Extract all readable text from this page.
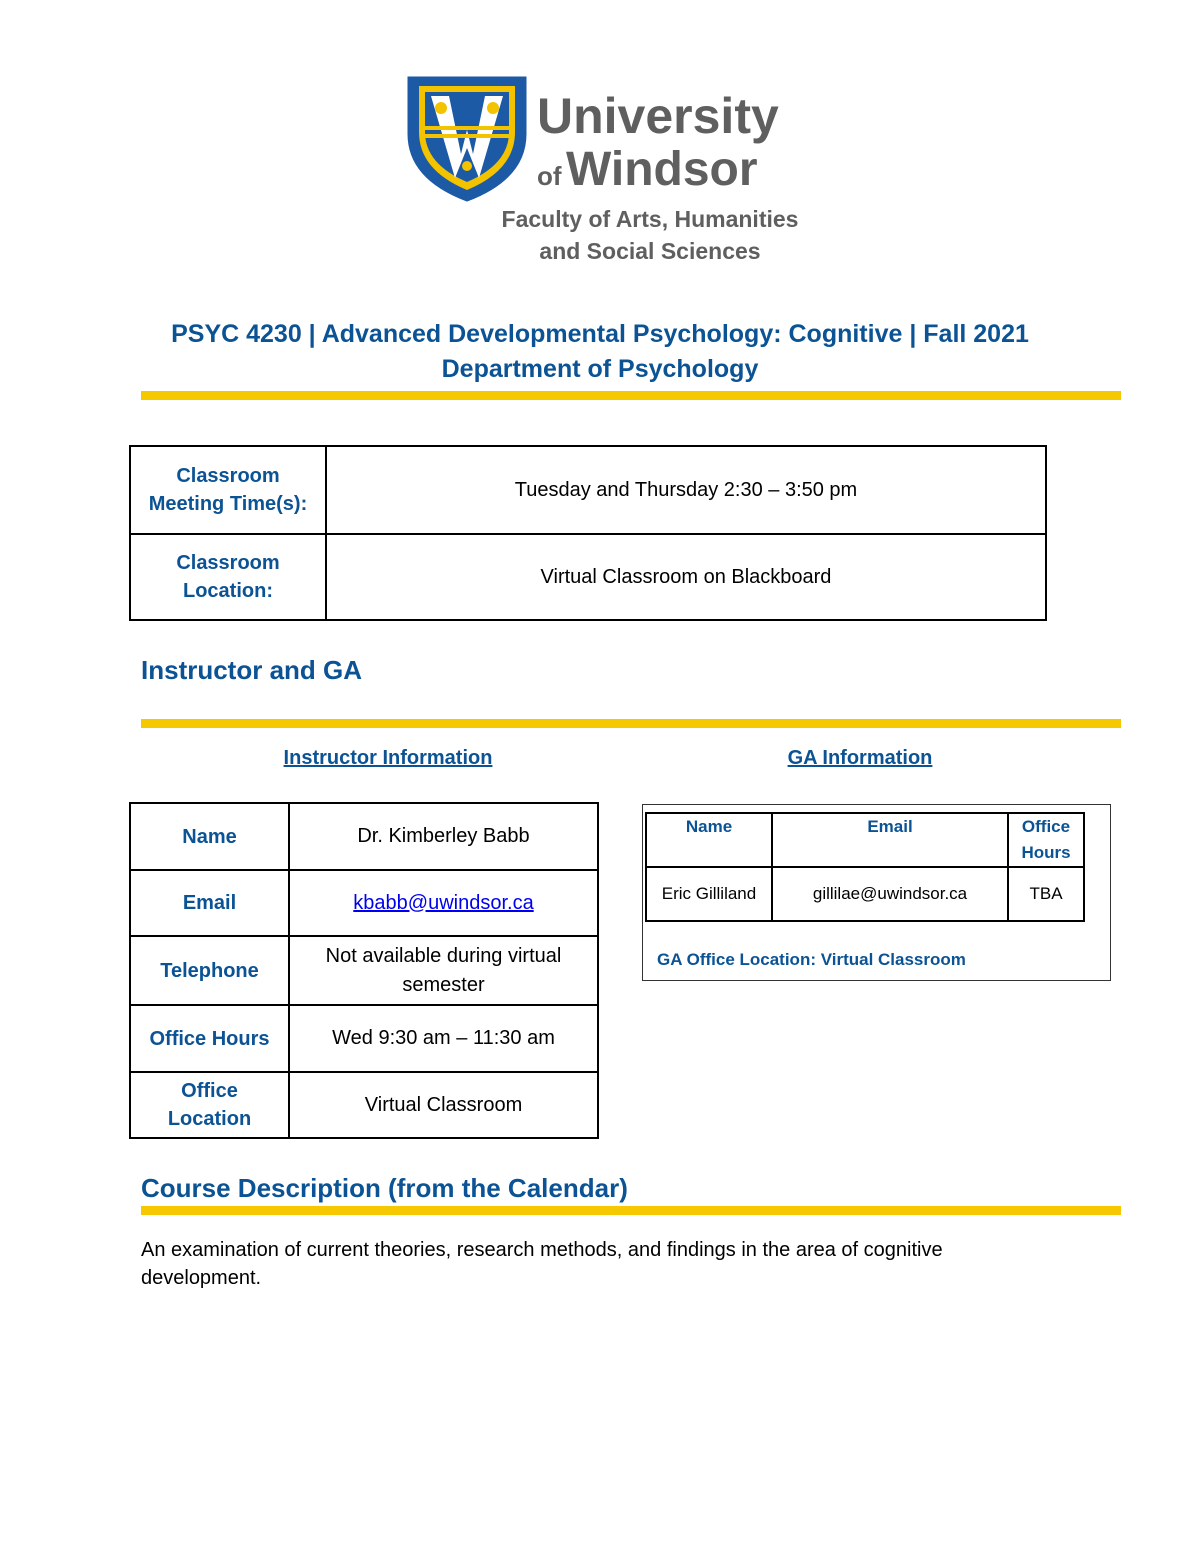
University
of Windsor
Faculty of Arts, Humanities
and Social Sciences
PSYC 4230 | Advanced Developmental Psychology: Cognitive | Fall 2021
Department of Psychology
Classroom Meeting Time(s):	Tuesday and Thursday 2:30 – 3:50 pm
Classroom Location:	Virtual Classroom on Blackboard
Instructor and GA
Instructor Information	GA Information
Name	Dr. Kimberley Babb
Email	kbabb@uwindsor.ca
Telephone	Not available during virtual semester
Office Hours	Wed 9:30 am – 11:30 am
Office Location	Virtual Classroom
Name	Email	Office Hours
Eric Gilliland	gillilae@uwindsor.ca	TBA
GA Office Location: Virtual Classroom
Course Description (from the Calendar)
An examination of current theories, research methods, and findings in the area of cognitive development.
